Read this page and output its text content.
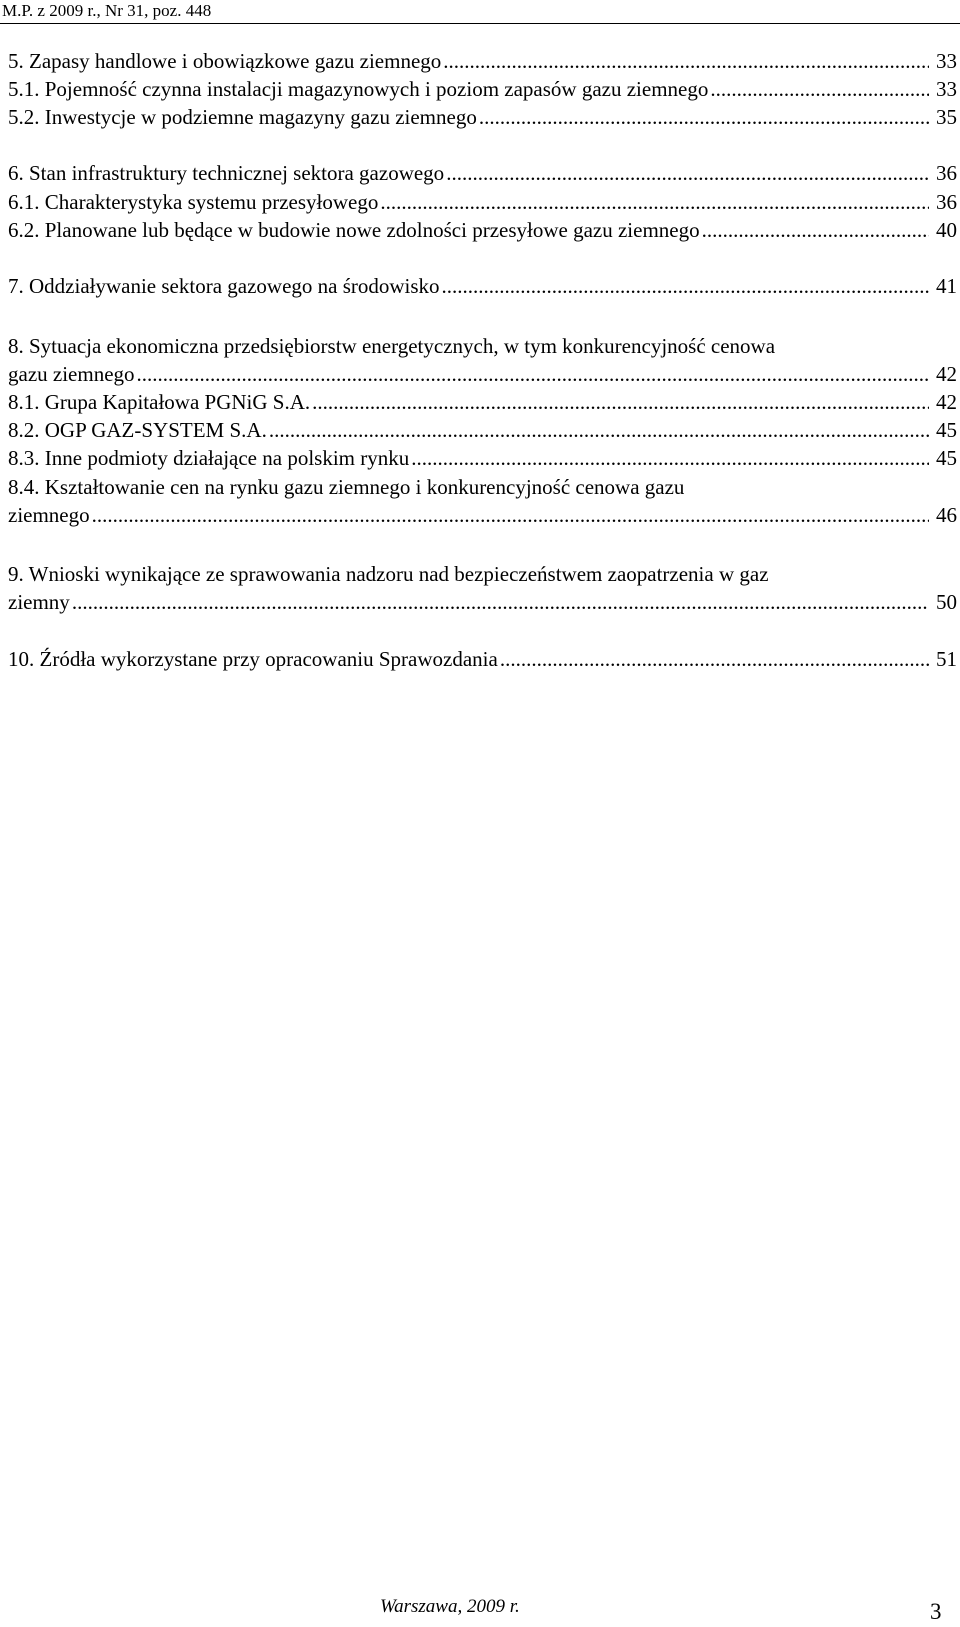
M.P. z 2009 r., Nr 31, poz. 448
5. Zapasy handlowe i obowiązkowe gazu ziemnego .....	33
5.1. Pojemność czynna instalacji magazynowych i poziom zapasów gazu ziemnego .....	33
5.2. Inwestycje w podziemne magazyny gazu ziemnego .....	35
6. Stan infrastruktury technicznej sektora gazowego .....	36
6.1. Charakterystyka systemu przesyłowego .....	36
6.2. Planowane lub będące w budowie nowe zdolności przesyłowe gazu ziemnego .....	40
7. Oddziaływanie sektora gazowego na środowisko .....	41
8. Sytuacja ekonomiczna przedsiębiorstw energetycznych, w tym konkurencyjność cenowa
gazu ziemnego .....	42
8.1. Grupa Kapitałowa PGNiG S.A. .....	42
8.2. OGP GAZ-SYSTEM S.A. .....	45
8.3. Inne podmioty działające na polskim rynku .....	45
8.4. Kształtowanie cen na rynku gazu ziemnego i konkurencyjność cenowa gazu
ziemnego .....	46
9. Wnioski wynikające ze sprawowania nadzoru nad bezpieczeństwem zaopatrzenia w gaz
ziemny .....	50
10. Źródła wykorzystane przy opracowaniu Sprawozdania .....	51
Warszawa, 2009 r.	3
